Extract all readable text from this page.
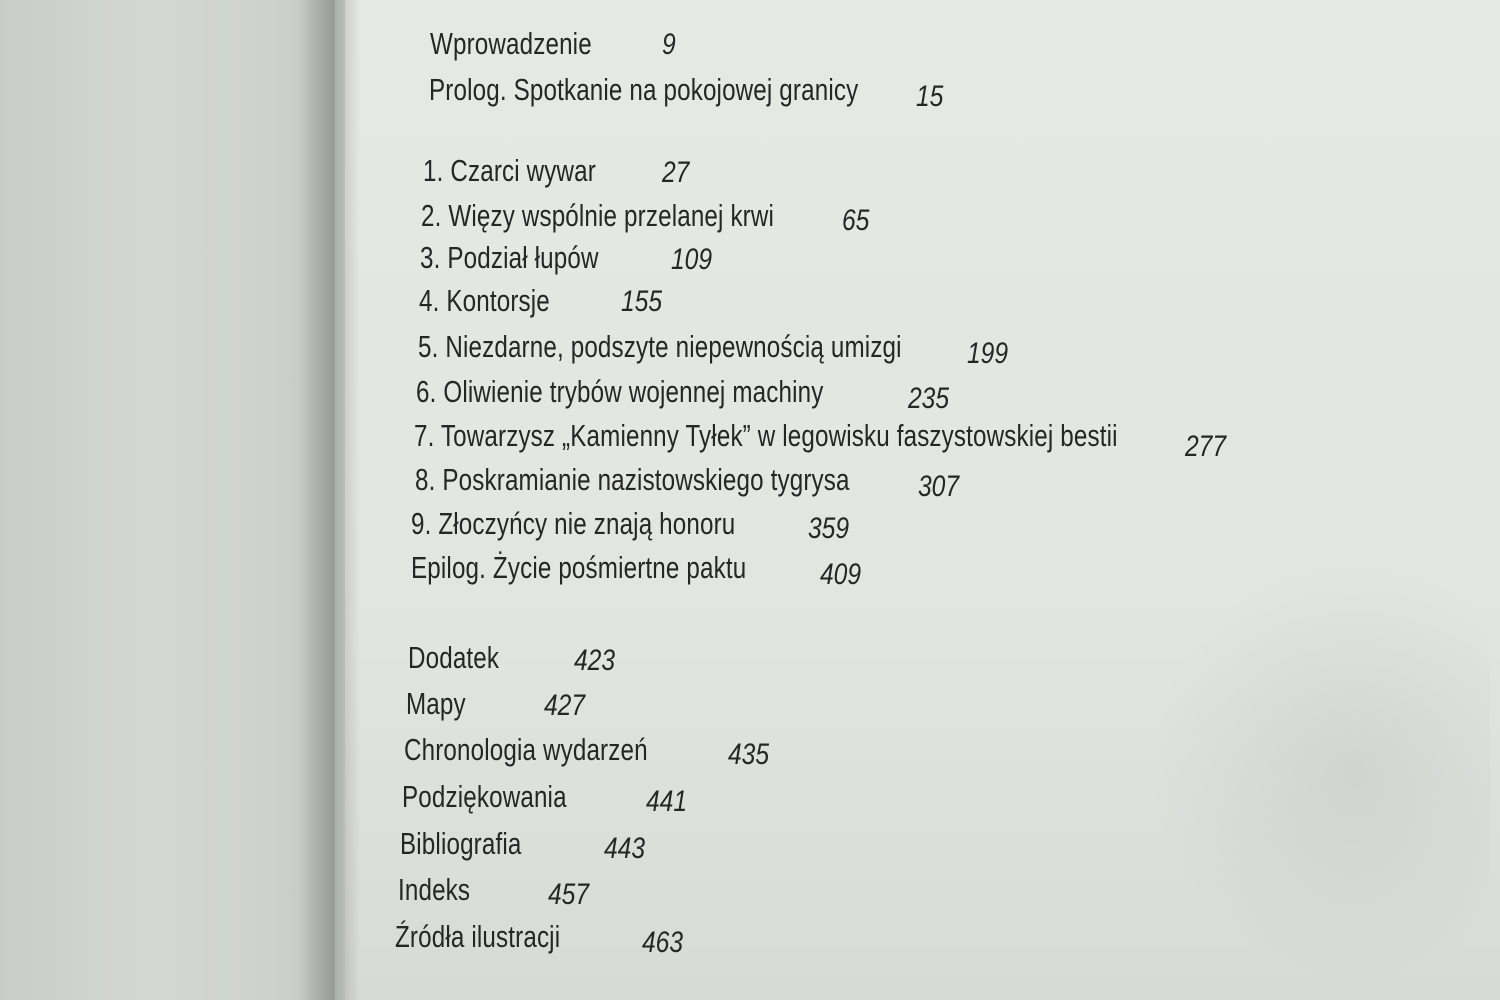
Wprowadzenie 9
Prolog. Spotkanie na pokojowej granicy 15
1. Czarci wywar 27
2. Więzy wspólnie przelanej krwi 65
3. Podział łupów 109
4. Kontorsje 155
5. Niezdarne, podszyte niepewnością umizgi 199
6. Oliwienie trybów wojennej machiny	235
7. Towarzysz „Kamienny Tyłek” w legowisku faszystowskiej bestii 277
8. Poskramianie nazistowskiego tygrysa 307
9. Złoczyńcy nie znają honoru 359
Epilog. Życie pośmiertne paktu 409
Dodatek 423
Mapy	427
Chronologia wydarzeń	435
Podziękowania	441
Bibliografia	443
Indeks	457
Źródła ilustracji	463
